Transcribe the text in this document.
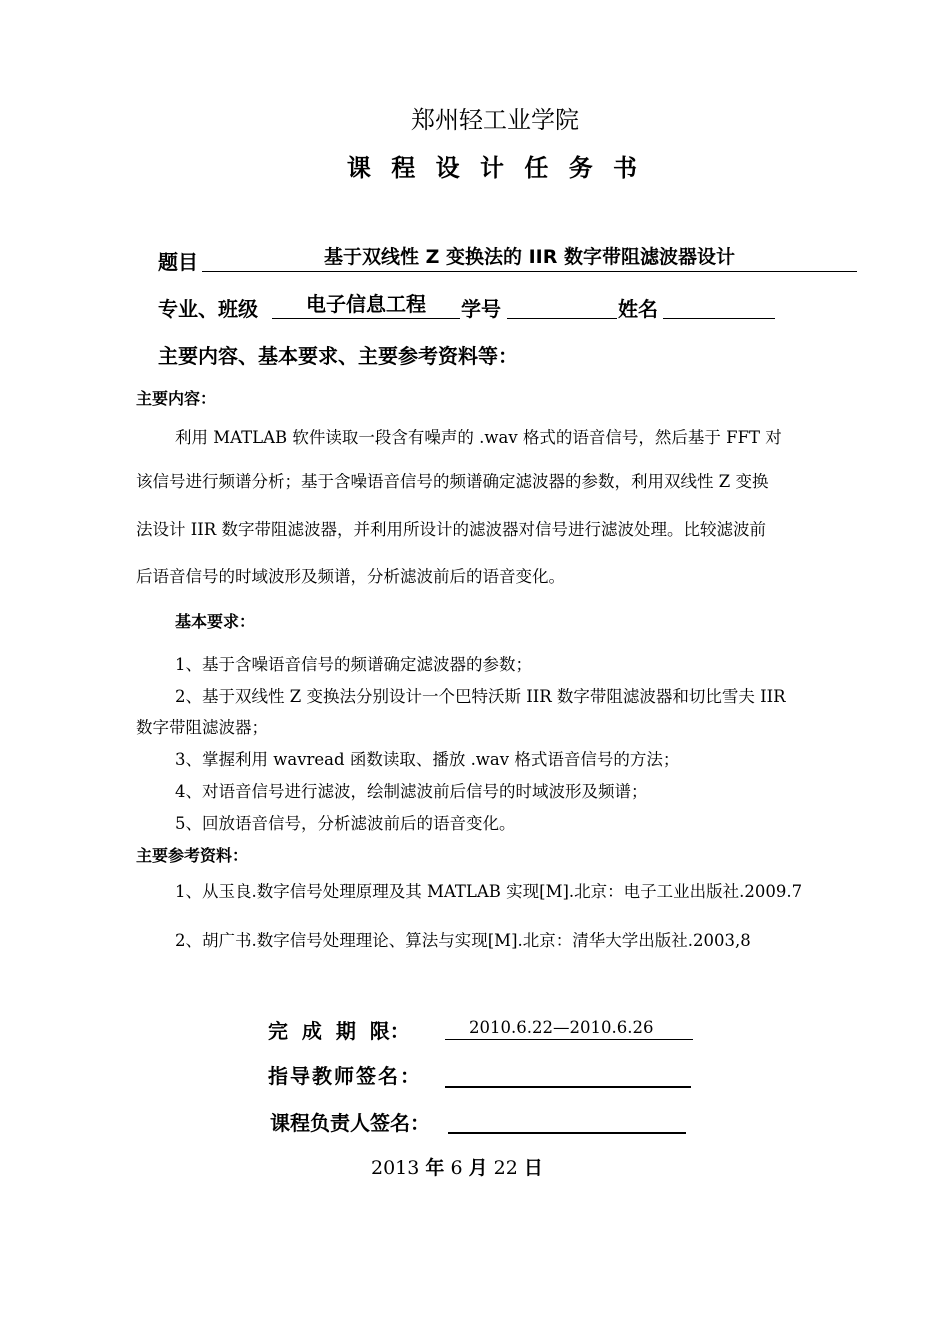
郑州轻工业学院
课 程 设 计 任 务 书
题目	基于双线性 Z 变换法的 IIR 数字带阻滤波器设计
专业、班级	电子信息工程	学号	姓名
主要内容、基本要求、主要参考资料等：
主要内容：
利用 MATLAB 软件读取一段含有噪声的 .wav 格式的语音信号，然后基于 FFT 对
该信号进行频谱分析；基于含噪语音信号的频谱确定滤波器的参数，利用双线性 Z 变换
法设计 IIR 数字带阻滤波器，并利用所设计的滤波器对信号进行滤波处理。比较滤波前
后语音信号的时域波形及频谱，分析滤波前后的语音变化。
基本要求：
1、基于含噪语音信号的频谱确定滤波器的参数；
2、基于双线性 Z 变换法分别设计一个巴特沃斯 IIR 数字带阻滤波器和切比雪夫 IIR
数字带阻滤波器；
3、掌握利用 wavread 函数读取、播放 .wav 格式语音信号的方法；
4、对语音信号进行滤波，绘制滤波前后信号的时域波形及频谱；
5、回放语音信号，分析滤波前后的语音变化。
主要参考资料：
1、从玉良.数字信号处理原理及其 MATLAB 实现[M].北京：电子工业出版社.2009.7
2、胡广书.数字信号处理理论、算法与实现[M].北京：清华大学出版社.2003,8
完  成  期  限：	2010.6.22—2010.6.26
指导教师签名：
课程负责人签名：
2013 年 6 月 22 日
